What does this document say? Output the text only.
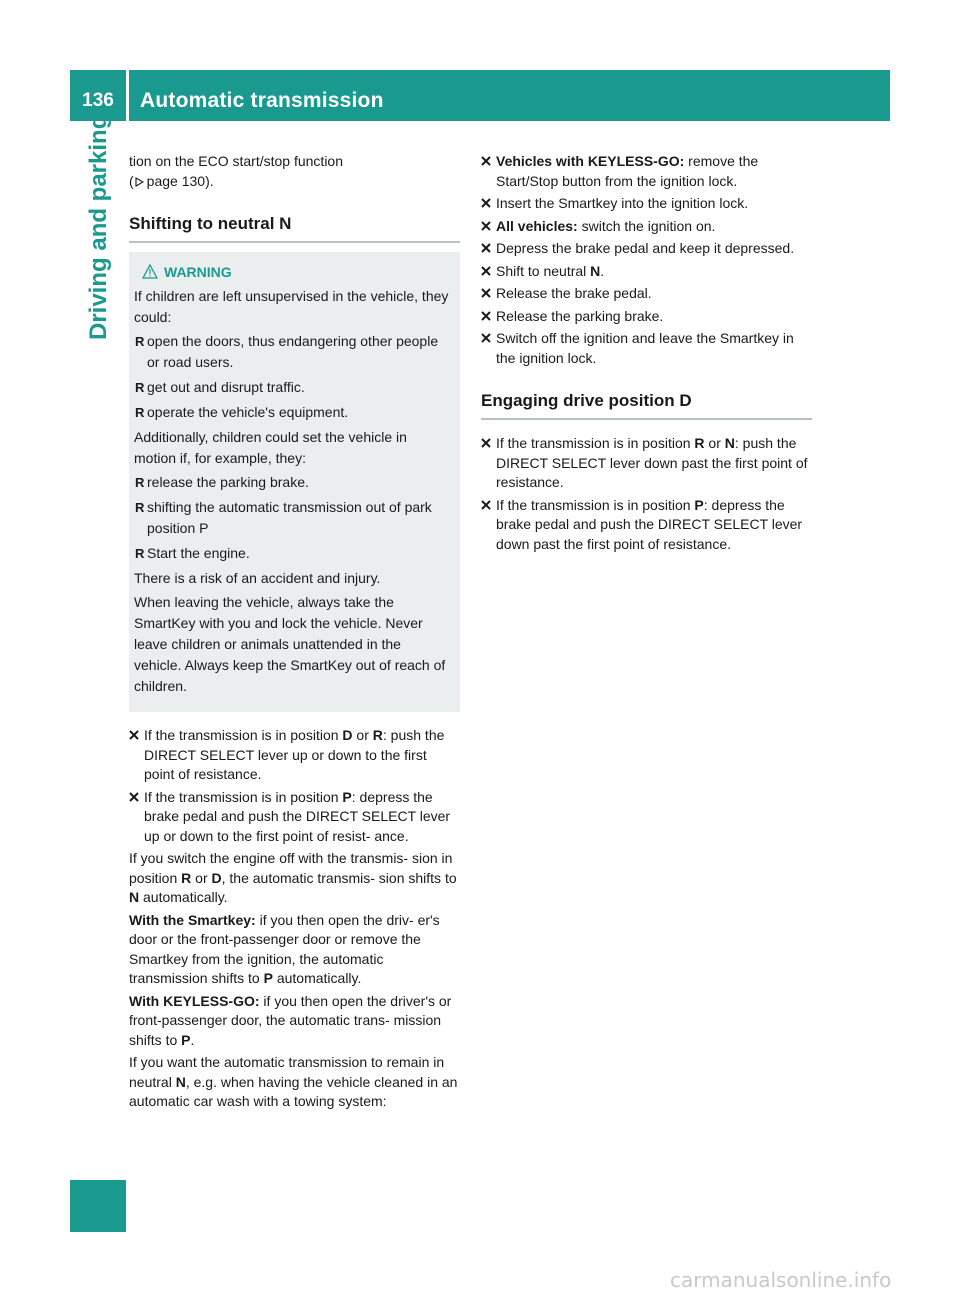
136	Automatic transmission
Driving and parking tion on the ECO start/stop function

( page 130).

Shifting to neutral N
WARNING

If children are left unsupervised in the vehicle, they could:

R open the doors, thus endangering other people or road users.
R get out and disrupt traffic.
R operate the vehicle's equipment.

Additionally, children could set the vehicle in motion if, for example, they:

R release the parking brake.
R shifting the automatic transmission out of park position P
R Start the engine.

There is a risk of an accident and injury.

When leaving the vehicle, always take the SmartKey with you and lock the vehicle. Never leave children or animals unattended in the vehicle. Always keep the SmartKey out of reach of children.

If the transmission is in position D or R: push the DIRECT SELECT lever up or down to the first point of resistance.
If the transmission is in position P: depress the brake pedal and push the DIRECT SELECT lever up or down to the first point of resist- ance.

If you switch the engine off with the transmis- sion in position R or D, the automatic transmis- sion shifts to N automatically.

With the Smartkey: if you then open the driv- er's door or the front-passenger door or remove the Smartkey from the ignition, the automatic transmission shifts to P automatically.

With KEYLESS-GO: if you then open the driver's or front-passenger door, the automatic trans- mission shifts to P.

If you want the automatic transmission to remain in neutral N, e.g. when having the vehicle cleaned in an automatic car wash with a towing system:

Vehicles with KEYLESS-GO: remove the Start/Stop button from the ignition lock.
Insert the Smartkey into the ignition lock.
All vehicles: switch the ignition on.
Depress the brake pedal and keep it depressed.
Shift to neutral N.
Release the brake pedal.
Release the parking brake.
Switch off the ignition and leave the Smartkey in the ignition lock.
Engaging drive position D
If the transmission is in position R or N: push the DIRECT SELECT lever down past the first point of resistance.
If the transmission is in position P: depress the brake pedal and push the DIRECT SELECT lever down past the first point of resistance.
carmanualsonline.info
